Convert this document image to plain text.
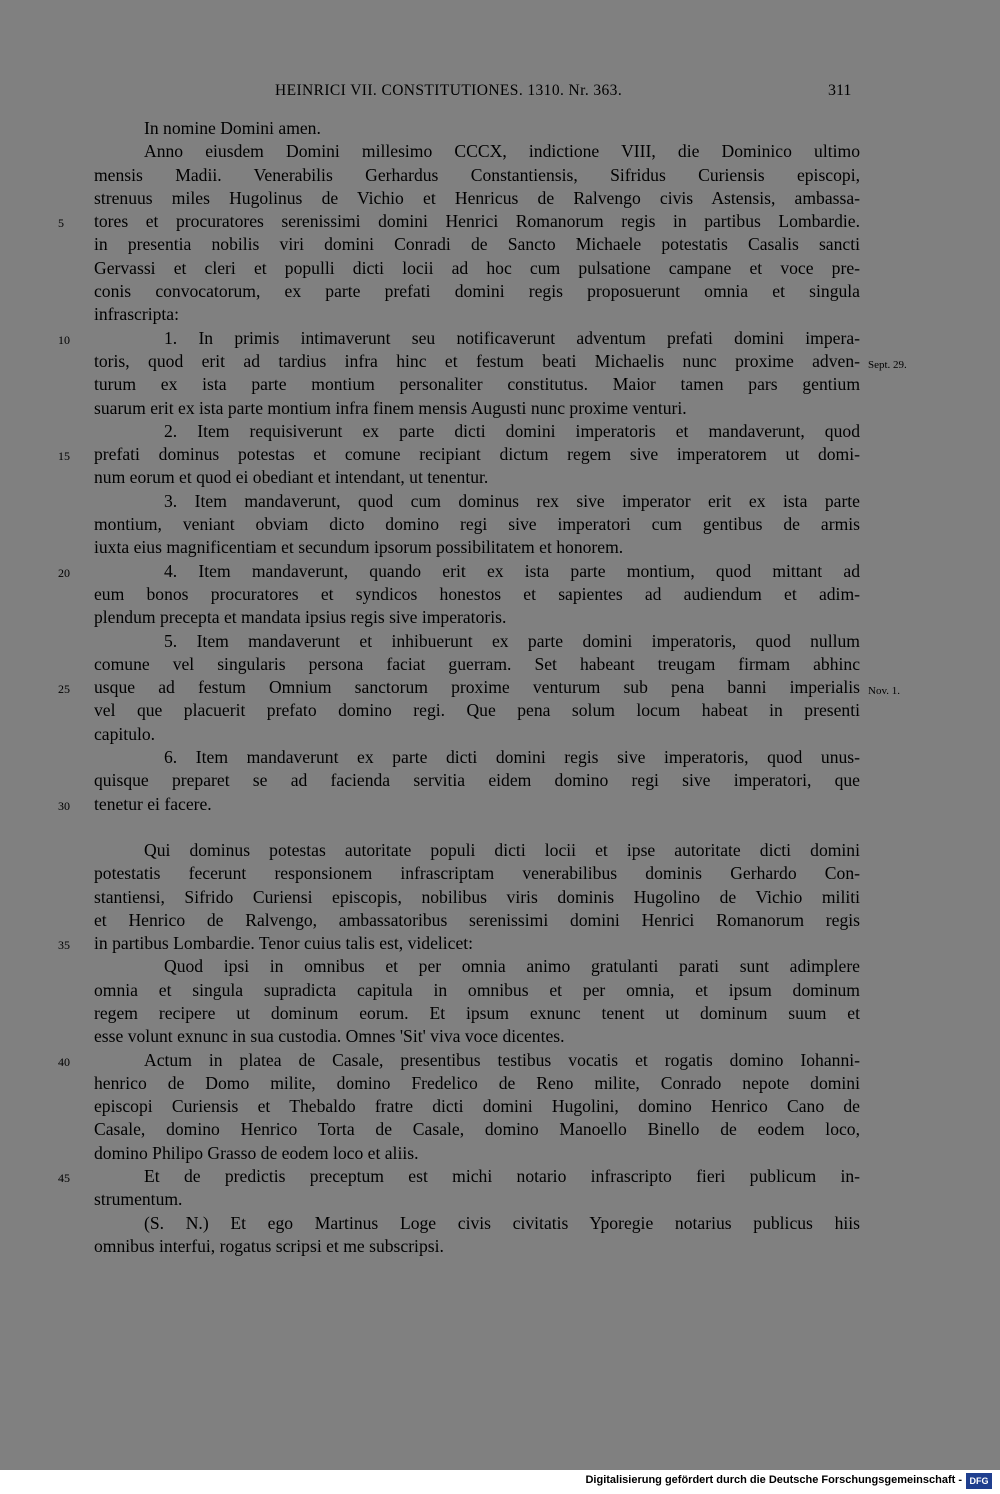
HEINRICI VII. CONSTITUTIONES. 1310. Nr. 363.	311
In nomine Domini amen.
Anno eiusdem Domini millesimo CCCX, indictione VIII, die Dominico ultimo
mensis Madii. Venerabilis Gerhardus Constantiensis, Sifridus Curiensis episcopi,
strenuus miles Hugolinus de Vichio et Henricus de Ralvengo civis Astensis, ambassa-
tores et procuratores serenissimi domini Henrici Romanorum regis in partibus Lombardie.
5
in presentia nobilis viri domini Conradi de Sancto Michaele potestatis Casalis sancti
Gervassi et cleri et populli dicti locii ad hoc cum pulsatione campane et voce pre-
conis convocatorum, ex parte prefati domini regis proposuerunt omnia et singula
infrascripta:
1. In primis intimaverunt seu notificaverunt adventum prefati domini impera-
10
toris, quod erit ad tardius infra hinc et festum beati Michaelis nunc proxime adven- Sept. 29.
turum ex ista parte montium personaliter constitutus. Maior tamen pars gentium
suarum erit ex ista parte montium infra finem mensis Augusti nunc proxime venturi.
2. Item requisiverunt ex parte dicti domini imperatoris et mandaverunt, quod
prefati dominus potestas et comune recipiant dictum regem sive imperatorem ut domi-
15
num eorum et quod ei obediant et intendant, ut tenentur.
3. Item mandaverunt, quod cum dominus rex sive imperator erit ex ista parte
montium, veniant obviam dicto domino regi sive imperatori cum gentibus de armis
iuxta eius magnificentiam et secundum ipsorum possibilitatem et honorem.
4. Item mandaverunt, quando erit ex ista parte montium, quod mittant ad
20
eum bonos procuratores et syndicos honestos et sapientes ad audiendum et adim-
plendum precepta et mandata ipsius regis sive imperatoris.
5. Item mandaverunt et inhibuerunt ex parte domini imperatoris, quod nullum
comune vel singularis persona faciat guerram. Set habeant treugam firmam abhinc
usque ad festum Omnium sanctorum proxime venturum sub pena banni imperialis
25	Nov. 1.
vel que placuerit prefato domino regi. Que pena solum locum habeat in presenti
capitulo.
6. Item mandaverunt ex parte dicti domini regis sive imperatoris, quod unus-
quisque preparet se ad facienda servitia eidem domino regi sive imperatori, que
tenetur ei facere.
30
Qui dominus potestas autoritate populi dicti locii et ipse autoritate dicti domini
potestatis fecerunt responsionem infrascriptam venerabilibus dominis Gerhardo Con-
stantiensi, Sifrido Curiensi episcopis, nobilibus viris dominis Hugolino de Vichio militi
et Henrico de Ralvengo, ambassatoribus serenissimi domini Henrici Romanorum regis
in partibus Lombardie. Tenor cuius talis est, videlicet:
35
Quod ipsi in omnibus et per omnia animo gratulanti parati sunt adimplere
omnia et singula supradicta capitula in omnibus et per omnia, et ipsum dominum
regem recipere ut dominum eorum. Et ipsum exnunc tenent ut dominum suum et
esse volunt exnunc in sua custodia. Omnes 'Sit' viva voce dicentes.
Actum in platea de Casale, presentibus testibus vocatis et rogatis domino Iohanni-
40
henrico de Domo milite, domino Fredelico de Reno milite, Conrado nepote domini
episcopi Curiensis et Thebaldo fratre dicti domini Hugolini, domino Henrico Cano de
Casale, domino Henrico Torta de Casale, domino Manoello Binello de eodem loco,
domino Philipo Grasso de eodem loco et aliis.
Et de predictis preceptum est michi notario infrascripto fieri publicum in-
45
strumentum.
(S. N.) Et ego Martinus Loge civis civitatis Yporegie notarius publicus hiis
omnibus interfui, rogatus scripsi et me subscripsi.
Digitalisierung gefördert durch die Deutsche Forschungsgemeinschaft - DFG
